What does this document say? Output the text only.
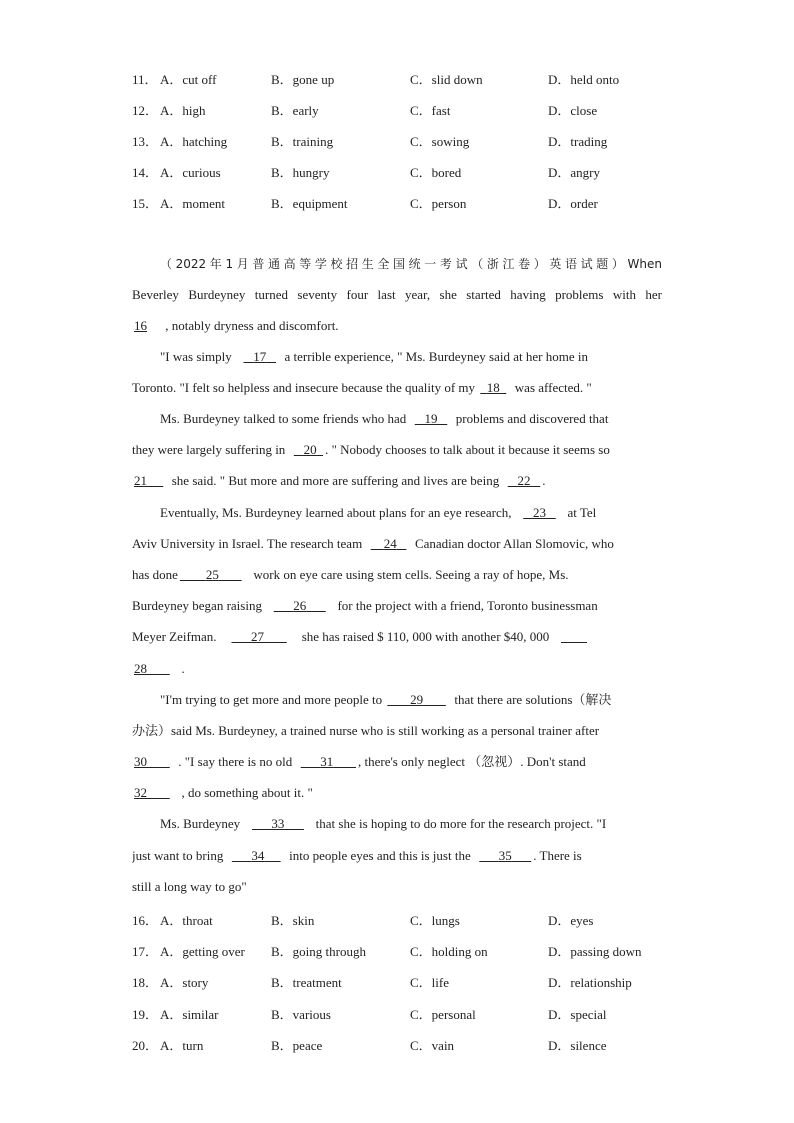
11． A．cut off	B．gone up	C．slid down	D．held onto
12． A．high	B．early	C．fast	D．close
13． A．hatching	B．training	C．sowing	D．trading
14． A．curious	B．hungry	C．bored	D．angry
15． A．moment	B．equipment	C．person	D．order
（2022年1月普通高等学校招生全国统一考试（浙江卷）英语试题）When
Beverley Burdeyney turned seventy four last year, she started having problems with her
16 , notably dryness and discomfort.
"I was simply 17 a terrible experience, " Ms. Burdeyney said at her home in
Toronto. "I felt so helpless and insecure because the quality of my 18 was affected. "
Ms. Burdeyney talked to some friends who had 19 problems and discovered that
they were largely suffering in 20 . " Nobody chooses to talk about it because it seems so
21 she said. " But more and more are suffering and lives are being 22 .
Eventually, Ms. Burdeyney learned about plans for an eye research, 23 at Tel
Aviv University in Israel. The research team 24 Canadian doctor Allan Slomovic, who
has done 25	work on eye care using stem cells. Seeing a ray of hope, Ms.
Burdeyney began raising 26 for the project with a friend, Toronto businessman
Meyer Zeifman.	27	she has raised $ 110, 000 with another $40, 000
28	.
"I'm trying to get more and more people to 29 that there are solutions（解决
办法）said Ms. Burdeyney, a trained nurse who is still working as a personal trainer after
30 . "I say there is no old 31 , there's only neglect （忽视）. Don't stand
32	, do something about it. "
Ms. Burdeyney 33 that she is hoping to do more for the research project. "I
just want to bring 34 into people eyes and this is just the 35 . There is
still a long way to go"
16． A．throat	B．skin	C．lungs	D．eyes
17． A．getting over B．going through	C．holding on	D．passing down
18． A．story	B．treatment	C．life	D．relationship
19． A．similar	B．various	C．personal	D．special
20． A．turn	B．peace	C．vain	D．silence
